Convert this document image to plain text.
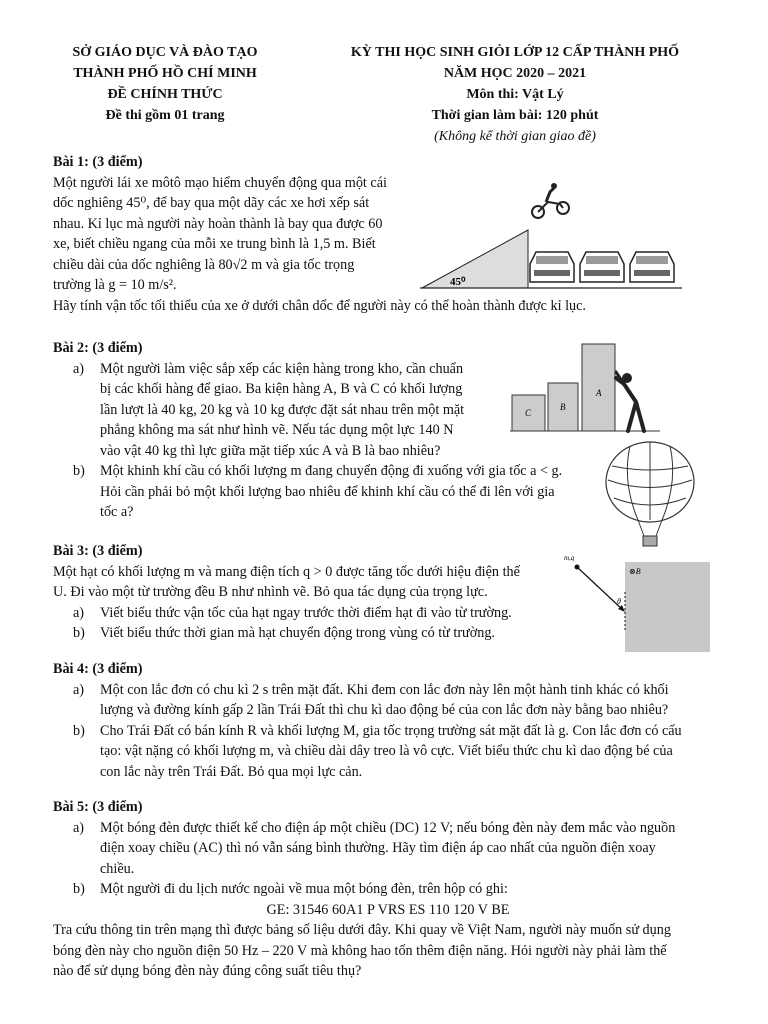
SỞ GIÁO DỤC VÀ ĐÀO TẠO
THÀNH PHỐ HỒ CHÍ MINH
ĐỀ CHÍNH THỨC
Đề thi gồm 01 trang
KỲ THI HỌC SINH GIỎI LỚP 12 CẤP THÀNH PHỐ
NĂM HỌC 2020 – 2021
Môn thi: Vật Lý
Thời gian làm bài: 120 phút
(Không kể thời gian giao đề)
Bài 1: (3 điểm)
Một người lái xe môtô mạo hiểm chuyển động qua một cái
dốc nghiêng 45⁰, để bay qua một dãy các xe hơi xếp sát
nhau. Kỉ lục mà người này hoàn thành là bay qua được 60
xe, biết chiều ngang của mỗi xe trung bình là 1,5 m. Biết
chiều dài của dốc nghiêng là 80√2 m và gia tốc trọng
trường là g = 10 m/s².
Hãy tính vận tốc tối thiểu của xe ở dưới chân dốc để người này có thể hoàn thành được kỉ lục.
45⁰
Bài 2: (3 điểm)
a)	Một người làm việc sắp xếp các kiện hàng trong kho, cần chuẩn
bị các khối hàng để giao. Ba kiện hàng A, B và C có khối lượng
lần lượt là 40 kg, 20 kg và 10 kg được đặt sát nhau trên một mặt
phẳng không ma sát như hình vẽ. Nếu tác dụng một lực 140 N
vào vật 40 kg thì lực giữa mặt tiếp xúc A và B là bao nhiêu?
b)	Một khinh khí cầu có khối lượng m đang chuyển động đi xuống với gia tốc a < g.
Hỏi cần phải bỏ một khối lượng bao nhiêu để khinh khí cầu có thể đi lên với gia
tốc a?
C
B
A
Bài 3: (3 điểm)
Một hạt có khối lượng m và mang điện tích q > 0 được tăng tốc dưới hiệu điện thế
U. Đi vào một từ trường đều B như nhình vẽ. Bỏ qua tác dụng của trọng lực.
a)	Viết biểu thức vận tốc của hạt ngay trước thời điểm hạt đi vào từ trường.
b)	Viết biểu thức thời gian mà hạt chuyển động trong vùng có từ trường.
m,q
⊗B⃗
θ
Bài 4: (3 điểm)
a)	Một con lắc đơn có chu kì 2 s trên mặt đất. Khi đem con lắc đơn này lên một hành tinh khác có khối
lượng và đường kính gấp 2 lần Trái Đất thì chu kì dao động bé của con lắc đơn này bằng bao nhiêu?
b)	Cho Trái Đất có bán kính R và khối lượng M, gia tốc trọng trường sát mặt đất là g. Con lắc đơn có cấu
tạo: vật nặng có khối lượng m, và chiều dài dây treo là vô cực. Viết biểu thức chu kì dao động bé của
con lắc này trên Trái Đất. Bỏ qua mọi lực cản.
Bài 5: (3 điểm)
a)	Một bóng đèn được thiết kế cho điện áp một chiều (DC) 12 V; nếu bóng đèn này đem mắc vào nguồn
điện xoay chiều (AC) thì nó vẫn sáng bình thường. Hãy tìm điện áp cao nhất của nguồn điện xoay
chiều.
b)	Một người đi du lịch nước ngoài về mua một bóng đèn, trên hộp có ghi:
GE: 31546 60A1 P VRS ES 110 120 V BE
Tra cứu thông tin trên mạng thì được bảng số liệu dưới đây. Khi quay về Việt Nam, người này muốn sử dụng
bóng đèn này cho nguồn điện 50 Hz – 220 V mà không hao tốn thêm điện năng. Hỏi người này phải làm thế
nào để sử dụng bóng đèn này đúng công suất tiêu thụ?
